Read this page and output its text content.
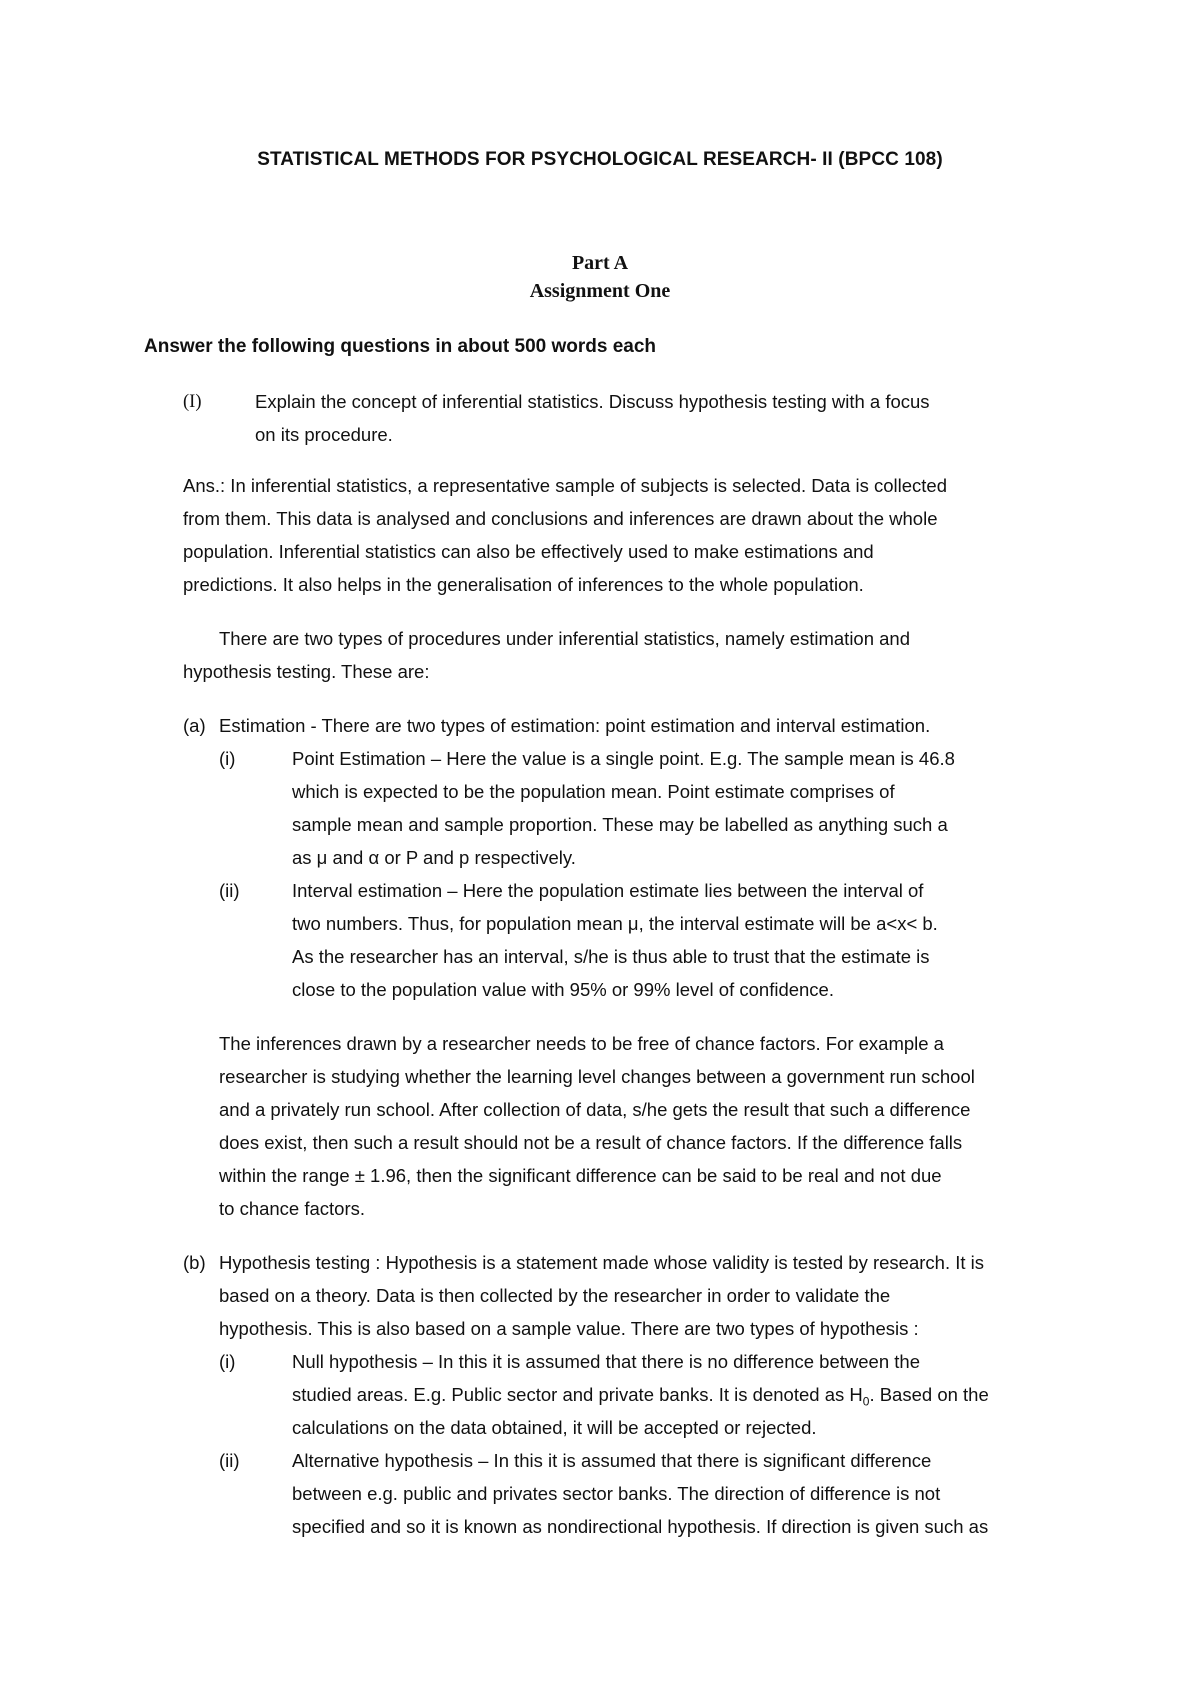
STATISTICAL METHODS FOR PSYCHOLOGICAL RESEARCH- II (BPCC 108)
Part A
Assignment One
Answer the following questions in about 500 words each
(I)	Explain the concept of inferential statistics. Discuss hypothesis testing with a focus
on its procedure.
Ans.: In inferential statistics, a representative sample of subjects is selected. Data is collected
from them. This data is analysed and conclusions and inferences are drawn about the whole
population. Inferential statistics can also be effectively used to make estimations and
predictions. It also helps in the generalisation of inferences to the whole population.
There are two types of procedures under inferential statistics, namely estimation and
hypothesis testing. These are:
(a) Estimation - There are two types of estimation: point estimation and interval estimation.
(i)	Point Estimation – Here the value is a single point. E.g. The sample mean is 46.8
which is expected to be the population mean. Point estimate comprises of
sample mean and sample proportion. These may be labelled as anything such a
as μ and α or P and p respectively.
(ii)	Interval estimation – Here the population estimate lies between the interval of
two numbers. Thus, for population mean μ, the interval estimate will be a<x< b.
As the researcher has an interval, s/he is thus able to trust that the estimate is
close to the population value with 95% or 99% level of confidence.
The inferences drawn by a researcher needs to be free of chance factors. For example a
researcher is studying whether the learning level changes between a government run school
and a privately run school. After collection of data, s/he gets the result that such a difference
does exist, then such a result should not be a result of chance factors. If the difference falls
within the range ± 1.96, then the significant difference can be said to be real and not due
to chance factors.
(b) Hypothesis testing : Hypothesis is a statement made whose validity is tested by research. It is
based on a theory. Data is then collected by the researcher in order to validate the
hypothesis. This is also based on a sample value. There are two types of hypothesis :
(i)	Null hypothesis – In this it is assumed that there is no difference between the
studied areas. E.g. Public sector and private banks. It is denoted as $H_0$. Based on the
calculations on the data obtained, it will be accepted or rejected.
(ii)	Alternative hypothesis – In this it is assumed that there is significant difference
between e.g. public and privates sector banks. The direction of difference is not
specified and so it is known as nondirectional hypothesis. If direction is given such as
